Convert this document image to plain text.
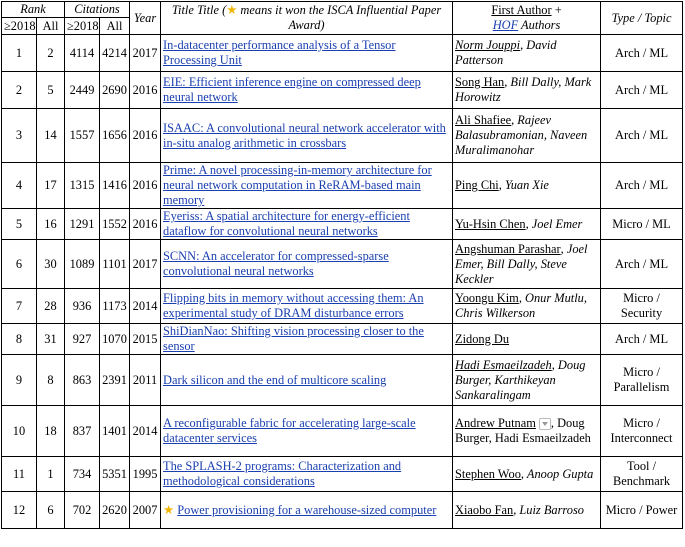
Rank		Citations		Year	Title Title (★ means it won the ISCA Influential Paper Award)	First Author +
HOF Authors	Type / Topic
≥2018	All	≥2018	All				
1	2	4114	4214	2017	In-datacenter performance analysis of a Tensor Processing Unit	Norm Jouppi, David Patterson	Arch / ML
2	5	2449	2690	2016	EIE: Efficient inference engine on compressed deep neural network	Song Han, Bill Dally, Mark Horowitz	Arch / ML
3	14	1557	1656	2016	ISAAC: A convolutional neural network accelerator with in-situ analog arithmetic in crossbars	Ali Shafiee, Rajeev Balasubramonian, Naveen Muralimanohar	Arch / ML
4	17	1315	1416	2016	Prime: A novel processing-in-memory architecture for neural network computation in ReRAM-based main memory	Ping Chi, Yuan Xie	Arch / ML
5	16	1291	1552	2016	Eyeriss: A spatial architecture for energy-efficient dataflow for convolutional neural networks	Yu-Hsin Chen, Joel Emer	Micro / ML
6	30	1089	1101	2017	SCNN: An accelerator for compressed-sparse convolutional neural networks	Angshuman Parashar, Joel Emer, Bill Dally, Steve Keckler	Arch / ML
7	28	936	1173	2014	Flipping bits in memory without accessing them: An experimental study of DRAM disturbance errors	Yoongu Kim, Onur Mutlu, Chris Wilkerson	Micro / Security
8	31	927	1070	2015	ShiDianNao: Shifting vision processing closer to the sensor	Zidong Du	Arch / ML
9	8	863	2391	2011	Dark silicon and the end of multicore scaling	Hadi Esmaeilzadeh, Doug Burger, Karthikeyan Sankaralingam	Micro / Parallelism
10	18	837	1401	2014	A reconfigurable fabric for accelerating large-scale datacenter services	Andrew Putnam , Doug Burger, Hadi Esmaeilzadeh	Micro / Interconnect
11	1	734	5351	1995	The SPLASH-2 programs: Characterization and methodological considerations	Stephen Woo, Anoop Gupta	Tool / Benchmark
12	6	702	2620	2007	★ Power provisioning for a warehouse-sized computer	Xiaobo Fan, Luiz Barroso	Micro / Power
